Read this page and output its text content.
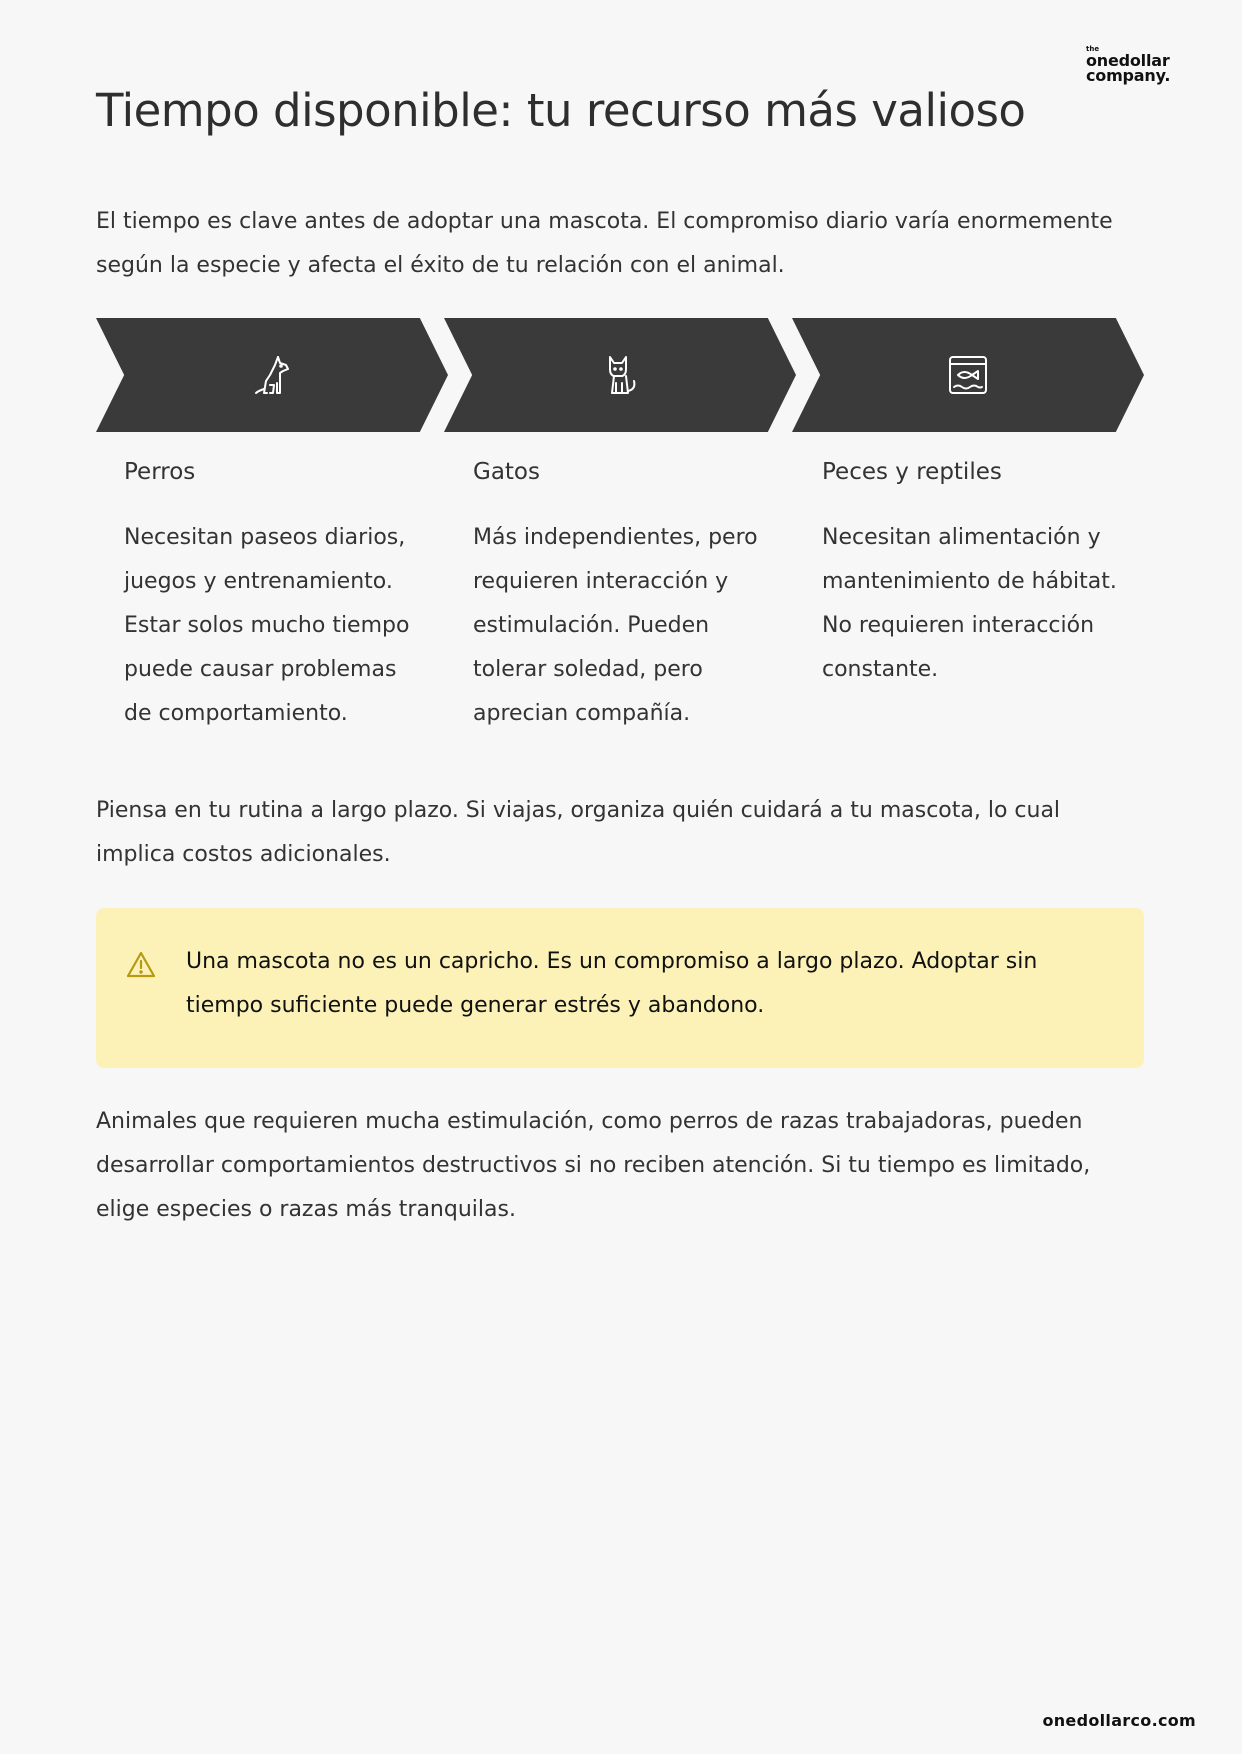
the
onedollar
company.
Tiempo disponible: tu recurso más valioso

El tiempo es clave antes de adoptar una mascota. El compromiso diario varía enormemente según la especie y afecta el éxito de tu relación con el animal.

Perros

Necesitan paseos diarios, juegos y entrenamiento. Estar solos mucho tiempo puede causar problemas de comportamiento.

Gatos

Más independientes, pero requieren interacción y estimulación. Pueden tolerar soledad, pero aprecian compañía.

Peces y reptiles

Necesitan alimentación y mantenimiento de hábitat. No requieren interacción constante.

Piensa en tu rutina a largo plazo. Si viajas, organiza quién cuidará a tu mascota, lo cual implica costos adicionales.

Una mascota no es un capricho. Es un compromiso a largo plazo. Adoptar sin tiempo suficiente puede generar estrés y abandono.

Animales que requieren mucha estimulación, como perros de razas trabajadoras, pueden desarrollar comportamientos destructivos si no reciben atención. Si tu tiempo es limitado, elige especies o razas más tranquilas.

onedollarco.com
